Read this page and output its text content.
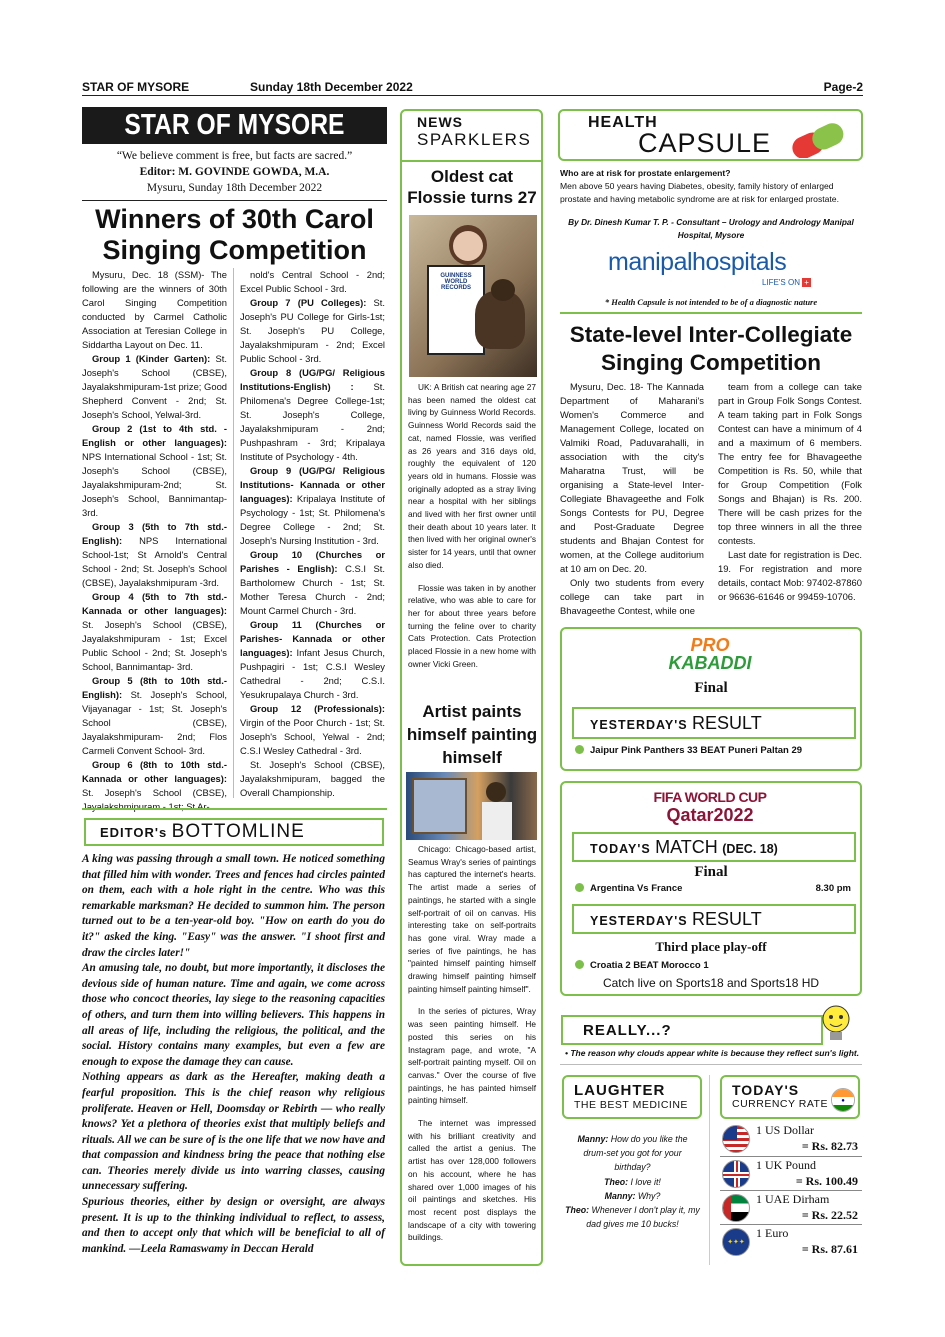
STAR OF MYSORE	Sunday 18th December 2022	Page-2
STAR OF MYSORE
“We believe comment is free, but facts are sacred.”
Editor: M. GOVINDE GOWDA, M.A.
Mysuru, Sunday 18th December 2022
Winners of 30th Carol Singing Competition

Mysuru, Dec. 18 (SSM)- The following are the winners of 30th Carol Singing Competition conducted by Carmel Catholic Association at Teresian College in Siddartha Layout on Dec. 11.

Group 1 (Kinder Garten): St. Joseph's School (CBSE), Jayalakshmipuram-1st prize; Good Shepherd Convent - 2nd; St. Joseph's School, Yelwal-3rd.

Group 2 (1st to 4th std. - English or other languages): NPS International School - 1st; St. Joseph's School (CBSE), Jayalakshmipuram-2nd; St. Joseph's School, Bannimantap-3rd.

Group 3 (5th to 7th std.- English): NPS International School-1st; St Arnold's Central School - 2nd; St. Joseph's School (CBSE), Jayalakshmipuram -3rd.

Group 4 (5th to 7th std.- Kannada or other languages): St. Joseph's School (CBSE), Jayalakshmipuram - 1st; Excel Public School - 2nd; St. Joseph's School, Bannimantap- 3rd.

Group 5 (8th to 10th std.- English): St. Joseph's School, Vijayanagar - 1st; St. Joseph's School (CBSE), Jayalakshmipuram- 2nd; Flos Carmeli Convent School- 3rd.

Group 6 (8th to 10th std.- Kannada or other languages): St. Joseph's School (CBSE), Jayalakshmipuram - 1st; St Ar-

nold's Central School - 2nd; Excel Public School - 3rd.

Group 7 (PU Colleges): St. Joseph's PU College for Girls-1st; St. Joseph's PU College, Jayalakshmipuram - 2nd; Excel Public School - 3rd.

Group 8 (UG/PG/ Religious Institutions-English) : St. Philomena's Degree College-1st; St. Joseph's College, Jayalakshmipuram - 2nd; Pushpashram - 3rd; Kripalaya Institute of Psychology - 4th.

Group 9 (UG/PG/ Religious Institutions- Kannada or other languages): Kripalaya Institute of Psychology - 1st; St. Philomena's Degree College - 2nd; St. Joseph's Nursing Institution - 3rd.

Group 10 (Churches or Parishes - English): C.S.I St. Bartholomew Church - 1st; St. Mother Teresa Church - 2nd; Mount Carmel Church - 3rd.

Group 11 (Churches or Parishes- Kannada or other languages): Infant Jesus Church, Pushpagiri - 1st; C.S.I Wesley Cathedral - 2nd; C.S.I. Yesukrupalaya Church - 3rd.

Group 12 (Professionals): Virgin of the Poor Church - 1st; St. Joseph's School, Yelwal - 2nd; C.S.I Wesley Cathedral - 3rd.

St. Joseph's School (CBSE), Jayalakshmipuram, bagged the Overall Championship.

EDITOR's BOTTOMLINE

A king was passing through a small town. He noticed something that filled him with wonder. Trees and fences had circles painted on them, each with a hole right in the centre. Who was this remarkable marksman? He decided to summon him. The person turned out to be a ten-year-old boy. "How on earth do you do it?" asked the king. "Easy" was the answer. "I shoot first and draw the circles later!"

An amusing tale, no doubt, but more importantly, it discloses the devious side of human nature. Time and again, we come across those who concoct theories, lay siege to the reasoning capacities of others, and turn them into willing believers. This happens in all areas of life, including the religious, the political, and the social. History contains many examples, but even a few are enough to expose the damage they can cause.

Nothing appears as dark as the Hereafter, making death a fearful proposition. This is the chief reason why religious proliferate. Heaven or Hell, Doomsday or Rebirth — who really knows? Yet a plethora of theories exist that multiply beliefs and rituals. All we can be sure of is the one life that we now have and that compassion and kindness bring the peace that nothing else can. Theories merely divide us into warring classes, causing unnecessary suffering.

Spurious theories, either by design or oversight, are always present. It is up to the thinking individual to reflect, to assess, and then to accept only that which will be beneficial to all of mankind. —Leela Ramaswamy in Deccan Herald

NEWS
SPARKLERS
Oldest cat Flossie turns 27
GUINNESS WORLD RECORDS

UK: A British cat nearing age 27 has been named the oldest cat living by Guinness World Records. Guinness World Records said the cat, named Flossie, was verified as 26 years and 316 days old, roughly the equivalent of 120 years old in humans. Flossie was originally adopted as a stray living near a hospital with her siblings and lived with her first owner until their death about 10 years later. It then lived with her original owner's sister for 14 years, until that owner also died.

Flossie was taken in by another relative, who was able to care for her for about three years before turning the feline over to charity Cats Protection. Cats Protection placed Flossie in a new home with owner Vicki Green.

Artist paints himself painting himself

Chicago: Chicago-based artist, Seamus Wray's series of paintings has captured the internet's hearts. The artist made a series of paintings, he started with a single self-portrait of oil on canvas. His interesting take on self-portraits has gone viral. Wray made a series of five paintings, he has "painted himself painting himself drawing himself painting himself painting himself painting himself".

In the series of pictures, Wray was seen painting himself. He posted this series on his Instagram page, and wrote, "A self-portrait painting myself. Oil on canvas." Over the course of five paintings, he has painted himself painting himself.

The internet was impressed with his brilliant creativity and called the artist a genius. The artist has over 128,000 followers on his account, where he has shared over 1,000 images of his oil paintings and sketches. His most recent post displays the landscape of a city with towering buildings.

HEALTH
CAPSULE
Who are at risk for prostate enlargement?
Men above 50 years having Diabetes, obesity, family history of enlarged prostate and having metabolic syndrome are at risk for enlarged prostate.
By Dr. Dinesh Kumar T. P. - Consultant – Urology and Andrology Manipal Hospital, Mysore
manipalhospitals
LIFE'S ON +
* Health Capsule is not intended to be of a diagnostic nature
State-level Inter-Collegiate Singing Competition

Mysuru, Dec. 18- The Kannada Department of Maharani's Women's Commerce and Management College, located on Valmiki Road, Paduvarahalli, in association with the city's Maharatna Trust, will be organising a State-level Inter-Collegiate Bhavageethe and Folk Songs Contests for PU, Degree and Post-Graduate Degree students and Bhajan Contest for women, at the College auditorium at 10 am on Dec. 20.

Only two students from every college can take part in Bhavageethe Contest, while one

team from a college can take part in Group Folk Songs Contest. A team taking part in Folk Songs Contest can have a minimum of 4 and a maximum of 6 members. The entry fee for Bhavageethe Competition is Rs. 50, while that for Group Competition (Folk Songs and Bhajan) is Rs. 200. There will be cash prizes for the top three winners in all the three contests.

Last date for registration is Dec. 19. For registration and more details, contact Mob: 97402-87860 or 96636-61646 or 99459-10706.

PRO
KABADDI
Final
YESTERDAY'S RESULT
Jaipur Pink Panthers 33 BEAT Puneri Paltan 29
FIFA WORLD CUP
Qatar2022
TODAY'S MATCH (DEC. 18)
Final
Argentina Vs France	8.30 pm
YESTERDAY'S RESULT
Third place play-off
Croatia 2 BEAT Morocco 1
Catch live on Sports18 and Sports18 HD
REALLY...?
• The reason why clouds appear white is because they reflect sun's light.
LAUGHTER
THE BEST MEDICINE
Manny: How do you like the drum-set you got for your birthday?
Theo: I love it!
Manny: Why?
Theo: Whenever I don't play it, my dad gives me 10 bucks!

TODAY'S
CURRENCY RATE	●
1 US Dollar
= Rs. 82.73
1 UK Pound
= Rs. 100.49
1 UAE Dirham
= Rs. 22.52
✦✦✦
1 Euro
= Rs. 87.61
